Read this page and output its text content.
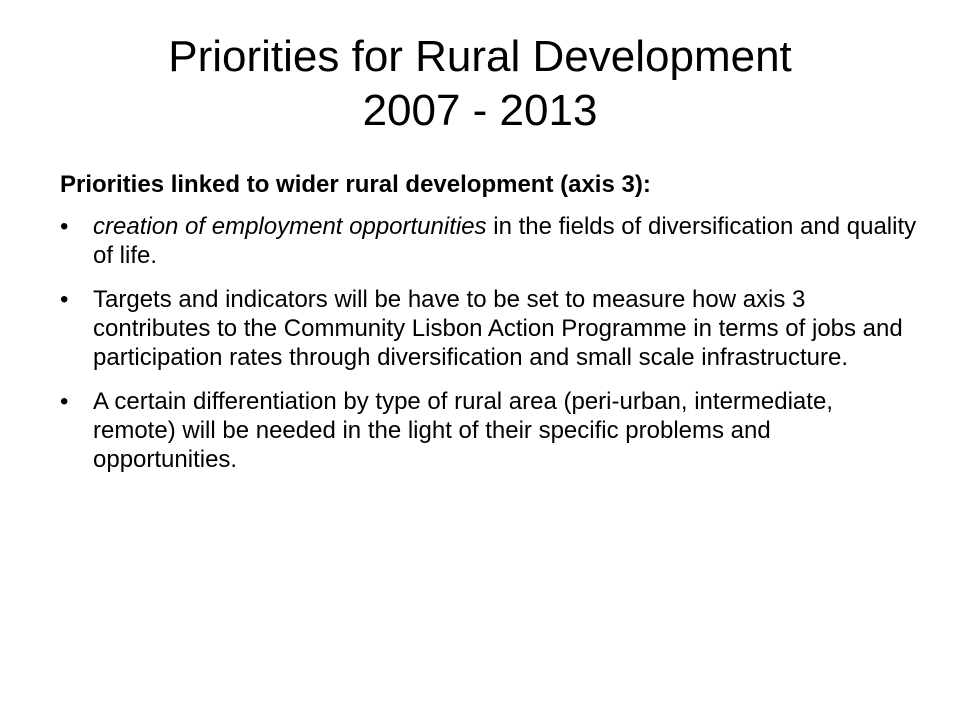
Priorities for Rural Development
2007 - 2013

Priorities linked to wider rural development (axis 3):

•	creation of employment opportunities in the fields of diversification and quality of life.
•	Targets and indicators will be have to be set to measure how axis 3 contributes to the Community Lisbon Action Programme in terms of jobs and participation rates through diversification and small scale infrastructure.
•	A certain differentiation by type of rural area (peri-urban, intermediate, remote) will be needed in the light of their specific problems and opportunities.
